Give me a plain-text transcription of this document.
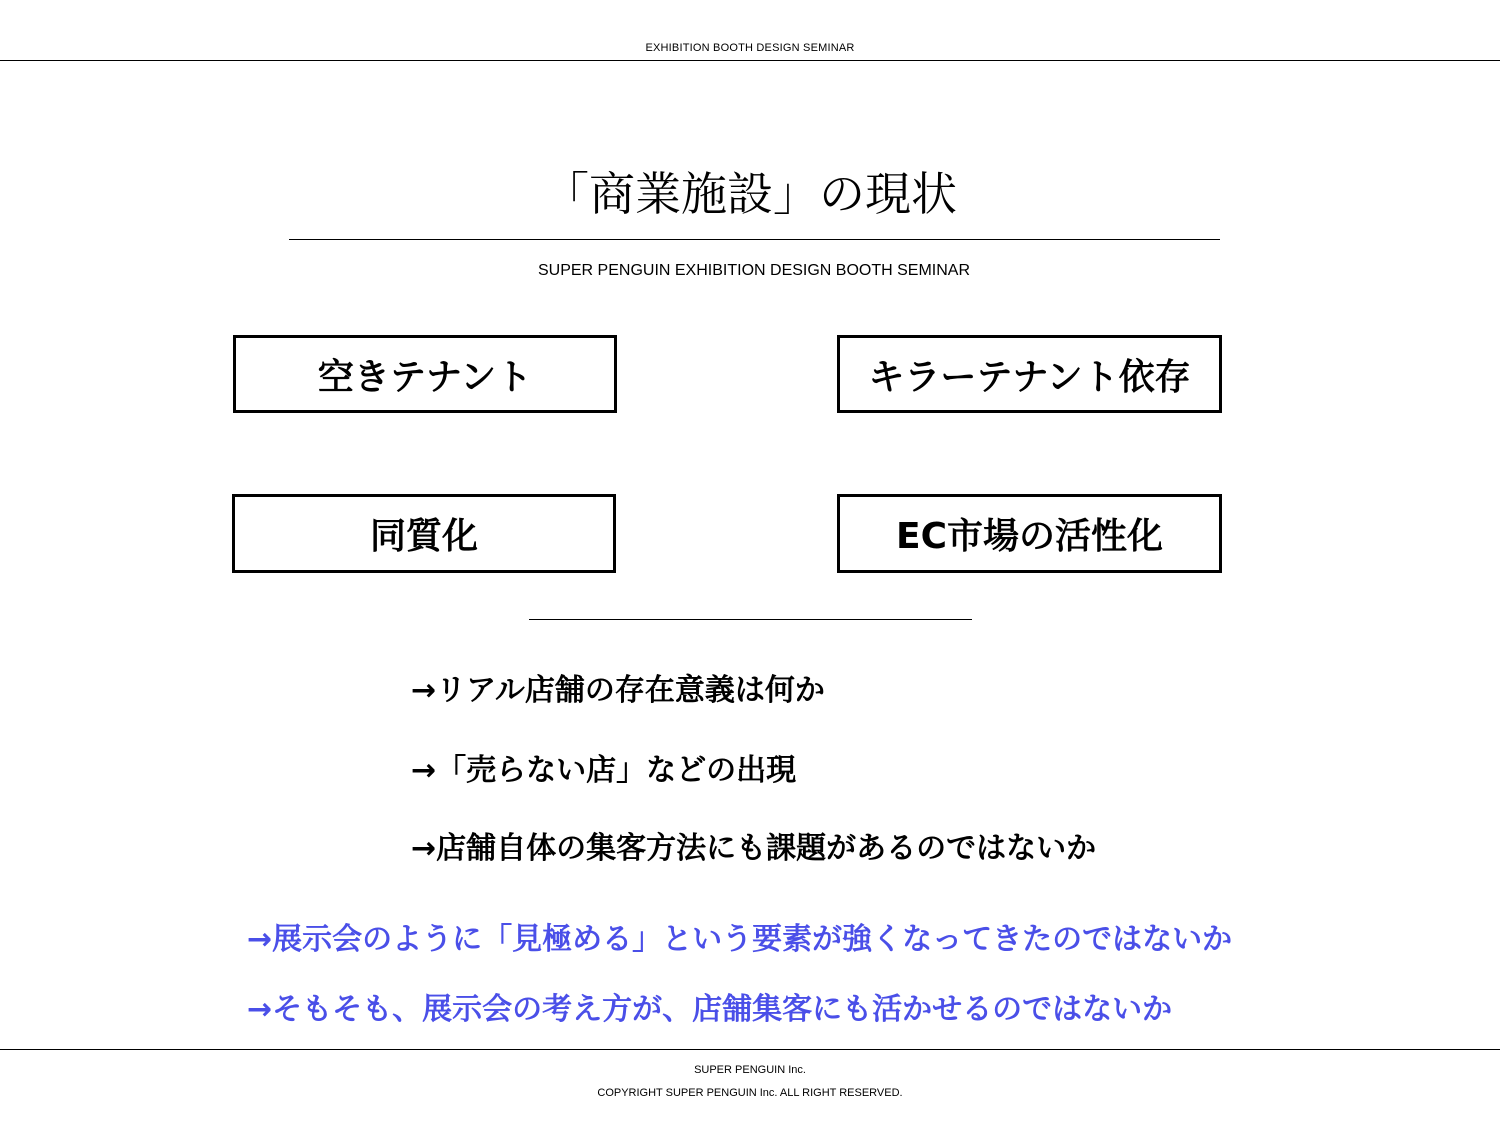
EXHIBITION BOOTH DESIGN SEMINAR
「商業施設」の現状
SUPER PENGUIN EXHIBITION DESIGN BOOTH SEMINAR
空きテナント	キラーテナント依存
同質化	EC市場の活性化
→リアル店舗の存在意義は何か
→「売らない店」などの出現
→店舗自体の集客方法にも課題があるのではないか
→展示会のように「見極める」という要素が強くなってきたのではないか
→そもそも、展示会の考え方が、店舗集客にも活かせるのではないか
SUPER PENGUIN Inc.
COPYRIGHT SUPER PENGUIN Inc. ALL RIGHT RESERVED.
